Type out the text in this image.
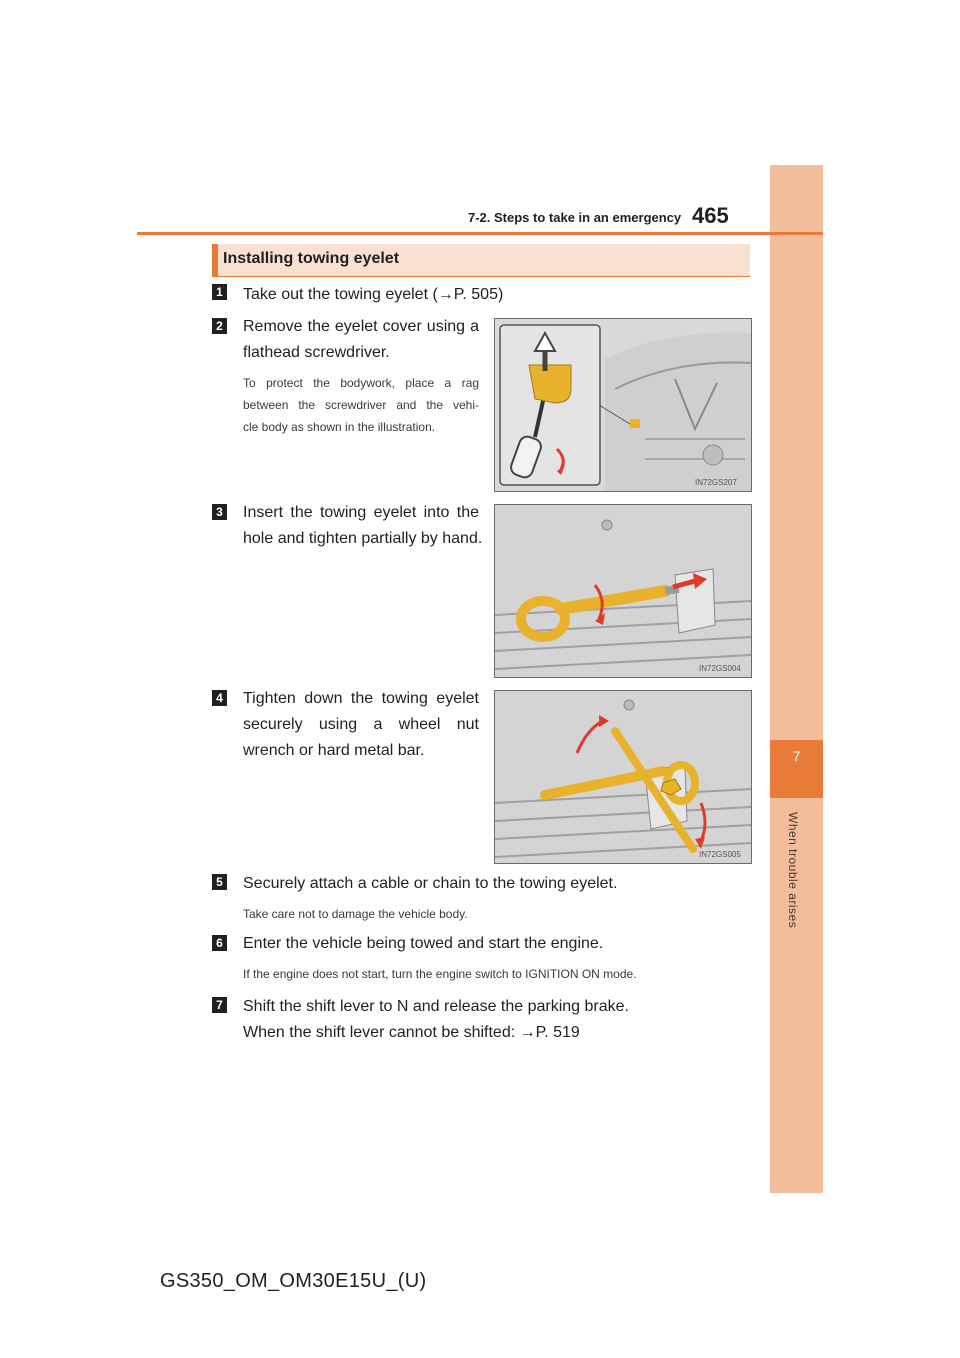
7
When trouble arises
7-2. Steps to take in an emergency 465
Installing towing eyelet
1 Take out the towing eyelet (→P. 505)
2 Remove the eyelet cover using a
flathead screwdriver.
To protect the bodywork, place a rag
between the screwdriver and the vehi-
cle body as shown in the illustration.
IN72GS207
3 Insert the towing eyelet into the
hole and tighten partially by hand.
IN72GS004
4 Tighten down the towing eyelet
securely using a wheel nut
wrench or hard metal bar.
IN72GS005
5 Securely attach a cable or chain to the towing eyelet.
Take care not to damage the vehicle body.
6 Enter the vehicle being towed and start the engine.
If the engine does not start, turn the engine switch to IGNITION ON mode.
7 Shift the shift lever to N and release the parking brake.
When the shift lever cannot be shifted: →P. 519
GS350_OM_OM30E15U_(U)
